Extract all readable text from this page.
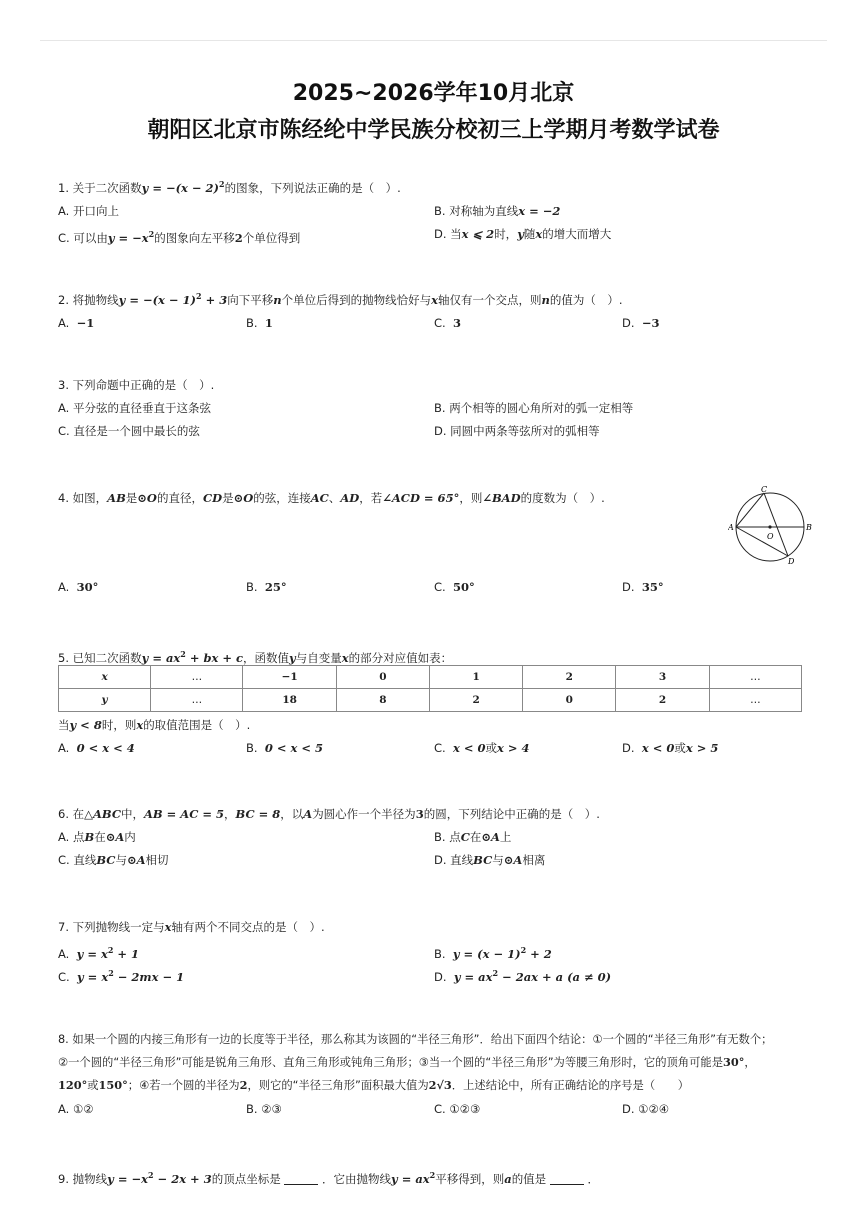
2025~2026学年10月北京
朝阳区北京市陈经纶中学民族分校初三上学期月考数学试卷
1. 关于二次函数$y = -(x - 2)^2$的图象，下列说法正确的是（　）.
A. 开口向上	B. 对称轴为直线x = −2
C. 可以由$y = -x^2$的图象向左平移2个单位得到	D. 当x ⩽ 2时，y随x的增大而增大
2. 将抛物线$y = -(x - 1)^2 + 3$向下平移n个单位后得到的抛物线恰好与x轴仅有一个交点，则n的值为（　）.
A. −1	B. 1	C. 3	D. −3
3. 下列命题中正确的是（　）.
A. 平分弦的直径垂直于这条弦	B. 两个相等的圆心角所对的弧一定相等
C. 直径是一个圆中最长的弦	D. 同圆中两条等弦所对的弧相等
4. 如图，AB是⊙O的直径，CD是⊙O的弦，连接AC、AD，若∠ACD = 65°，则∠BAD的度数为（　）.
A. 30°	B. 25°	C. 50°	D. 35°
C
A	B
D
O
5. 已知二次函数$y = ax^2$ + bx + c，函数值y与自变量x的部分对应值如表：
x	…	−1	0	1	2	3	…
y	…	18	8	2	0	2	…
当y < 8时，则x的取值范围是（　）.
A. 0 < x < 4	B. 0 < x < 5	C. x < 0或x > 4	D. x < 0或x > 5
6. 在△ABC中，AB = AC = 5，BC = 8，以A为圆心作一个半径为3的圆，下列结论中正确的是（　）.
A. 点B在⊙A内	B. 点C在⊙A上
C. 直线BC与⊙A相切	D. 直线BC与⊙A相离
7. 下列抛物线一定与x轴有两个不同交点的是（　）.
A. $y = x^2 + 1$	B. $y = (x - 1)^2 + 2$
C. $y = x^2 - 2mx - 1$	D. $y = ax^2 - 2ax + a$ (a ≠ 0)
8. 如果一个圆的内接三角形有一边的长度等于半径，那么称其为该圆的“半径三角形”．给出下面四个结论：①一个圆的“半径三角形”有无数个；
②一个圆的“半径三角形”可能是锐角三角形、直角三角形或钝角三角形；③当一个圆的“半径三角形”为等腰三角形时，它的顶角可能是30°，
120°或150°；④若一个圆的半径为2，则它的“半径三角形”面积最大值为2√3．上述结论中，所有正确结论的序号是（　　）
A. ①②	B. ②③	C. ①②③	D. ①②④
9. 抛物线$y = -x^2 - 2x + 3$的顶点坐标是	．它由抛物线$y = ax^2$平移得到，则a的值是	．
